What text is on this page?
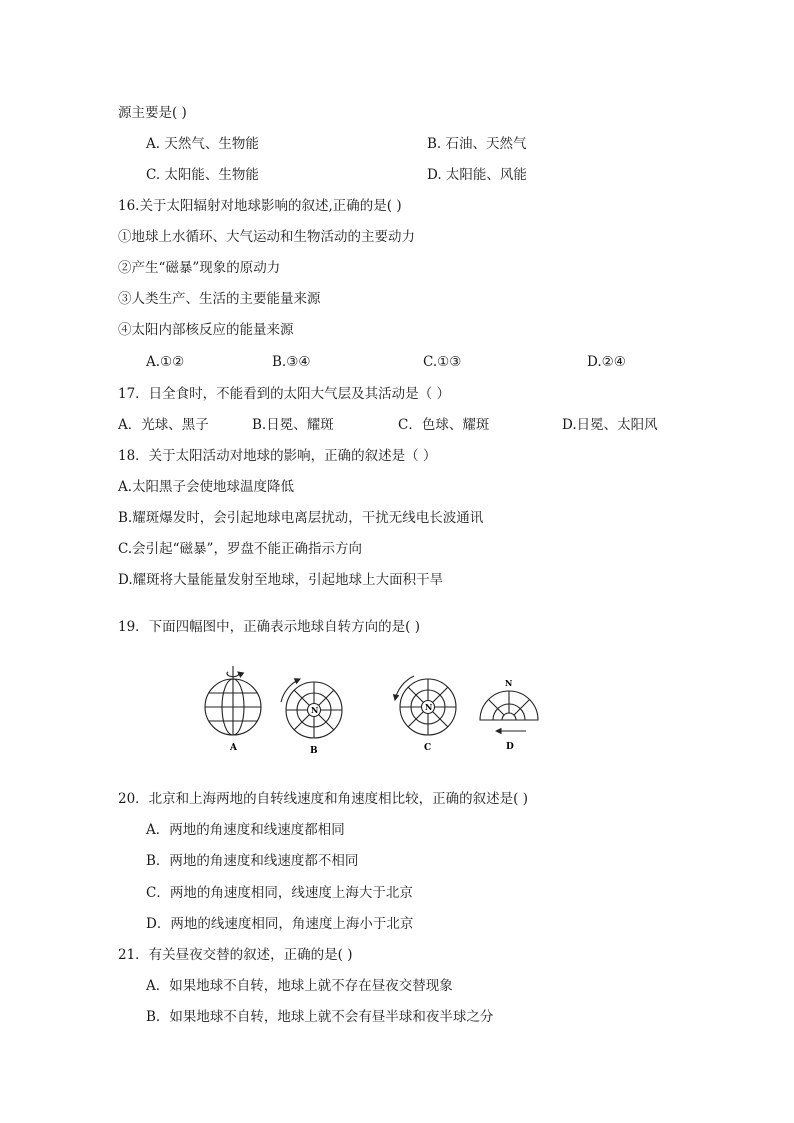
源主要是( )
A. 天然气、生物能	B. 石油、天然气
C. 太阳能、生物能	D. 太阳能、风能
16.关于太阳辐射对地球影响的叙述,正确的是( )
①地球上水循环、大气运动和生物活动的主要动力
②产生“磁暴”现象的原动力
③人类生产、生活的主要能量来源
④太阳内部核反应的能量来源
A.①②	B.③④	C.①③	D.②④
17．日全食时，不能看到的太阳大气层及其活动是（ ）
A．光球、黑子	B.日冕、耀斑	C．色球、耀斑	D.日冕、太阳风
18．关于太阳活动对地球的影响，正确的叙述是（ ）
A.太阳黑子会使地球温度降低
B.耀斑爆发时，会引起地球电离层扰动，干扰无线电长波通讯
C.会引起“磁暴”，罗盘不能正确指示方向
D.耀斑将大量能量发射至地球，引起地球上大面积干旱
19．下面四幅图中，正确表示地球自转方向的是( )
A
N
B
N
C
N
D
20．北京和上海两地的自转线速度和角速度相比较，正确的叙述是( )
A．两地的角速度和线速度都相同
B．两地的角速度和线速度都不相同
C．两地的角速度相同，线速度上海大于北京
D．两地的线速度相同，角速度上海小于北京
21．有关昼夜交替的叙述，正确的是( )
A．如果地球不自转，地球上就不存在昼夜交替现象
B．如果地球不自转，地球上就不会有昼半球和夜半球之分
